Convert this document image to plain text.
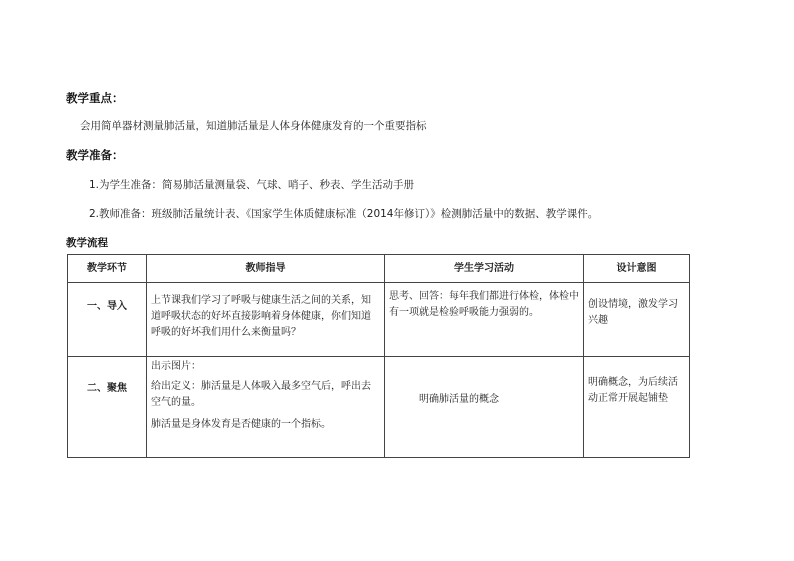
教学重点：
会用简单器材测量肺活量，知道肺活量是人体身体健康发育的一个重要指标
教学准备：
1.为学生准备：简易肺活量测量袋、气球、哨子、秒表、学生活动手册
2.教师准备：班级肺活量统计表、《国家学生体质健康标准（2014年修订）》检测肺活量中的数据、教学课件。
教学流程
教学环节	教师指导	学生学习活动	设计意图

一、导入	上节课我们学习了呼吸与健康生活之间的关系，知道呼吸状态的好坏直接影响着身体健康，你们知道呼吸的好坏我们用什么来衡量吗？	思考、回答：每年我们都进行体检，体检中有一项就是检验呼吸能力强弱的。	创设情境，激发学习兴趣

二、聚焦	出示图片：
给出定义：肺活量是人体吸入最多空气后，呼出去空气的量。
肺活量是身体发育是否健康的一个指标。	明确肺活量的概念	明确概念，为后续活动正常开展起铺垫
